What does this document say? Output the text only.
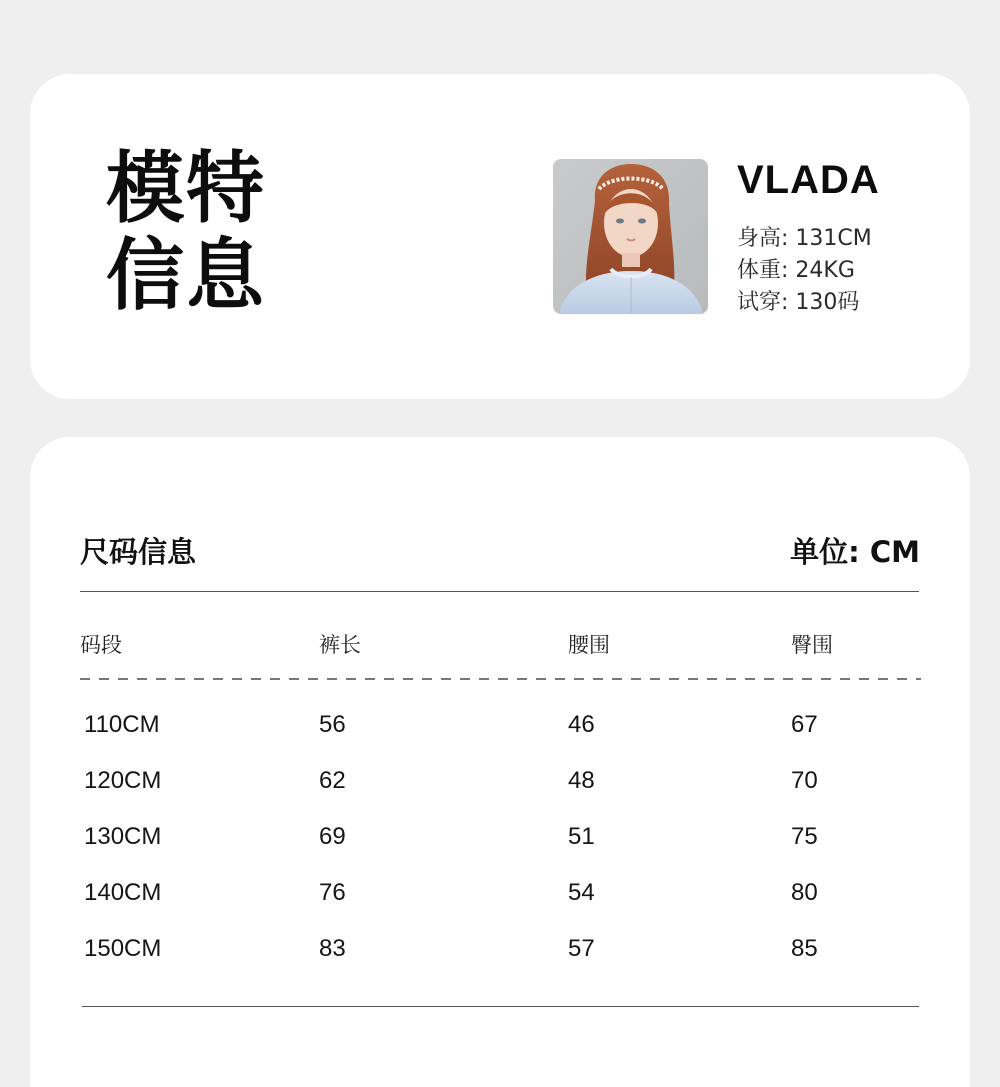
模特
信息
VLADA
身高: 131CM
体重: 24KG
试穿: 130码
尺码信息	单位: CM
码段	裤长	腰围	臀围
110CM	56	46	67
120CM	62	48	70
130CM	69	51	75
140CM	76	54	80
150CM	83	57	85
